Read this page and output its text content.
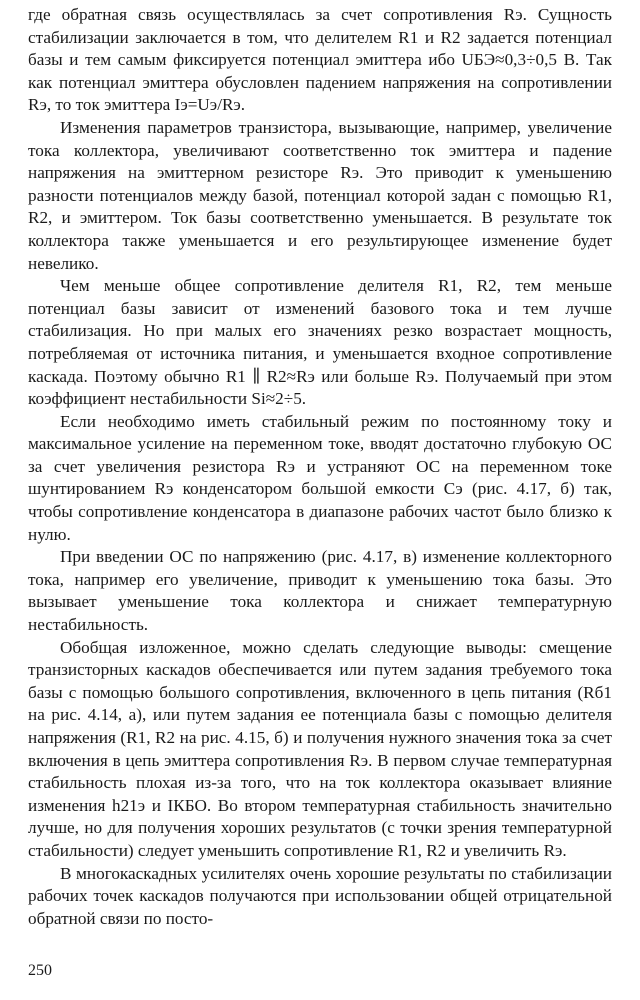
где обратная связь осуществлялась за счет сопротивления Rэ. Сущность стабилизации заключается в том, что делителем R1 и R2 задается потенциал базы и тем самым фиксируется потенциал эмиттера ибо UБЭ≈0,3÷0,5 В. Так как потенциал эмиттера обусловлен падением напряжения на сопротивлении Rэ, то ток эмиттера Iэ=Uэ/Rэ.

Изменения параметров транзистора, вызывающие, например, увеличение тока коллектора, увеличивают соответственно ток эмиттера и падение напряжения на эмиттерном резисторе Rэ. Это приводит к уменьшению разности потенциалов между базой, потенциал которой задан с помощью R1, R2, и эмиттером. Ток базы соответственно уменьшается. В результате ток коллектора также уменьшается и его результирующее изменение будет невелико.

Чем меньше общее сопротивление делителя R1, R2, тем меньше потенциал базы зависит от изменений базового тока и тем лучше стабилизация. Но при малых его значениях резко возрастает мощность, потребляемая от источника питания, и уменьшается входное сопротивление каскада. Поэтому обычно R1 ∥ R2≈Rэ или больше Rэ. Получаемый при этом коэффициент нестабильности Si≈2÷5.

Если необходимо иметь стабильный режим по постоянному току и максимальное усиление на переменном токе, вводят достаточно глубокую ОС за счет увеличения резистора Rэ и устраняют ОС на переменном токе шунтированием Rэ конденсатором большой емкости Сэ (рис. 4.17, б) так, чтобы сопротивление конденсатора в диапазоне рабочих частот было близко к нулю.

При введении ОС по напряжению (рис. 4.17, в) изменение коллекторного тока, например его увеличение, приводит к уменьшению тока базы. Это вызывает уменьшение тока коллектора и снижает температурную нестабильность.

Обобщая изложенное, можно сделать следующие выводы: смещение транзисторных каскадов обеспечивается или путем задания требуемого тока базы с помощью большого сопротивления, включенного в цепь питания (Rб1 на рис. 4.14, а), или путем задания ее потенциала базы с помощью делителя напряжения (R1, R2 на рис. 4.15, б) и получения нужного значения тока за счет включения в цепь эмиттера сопротивления Rэ. В первом случае температурная стабильность плохая из-за того, что на ток коллектора оказывает влияние изменения h21э и IКБО. Во втором температурная стабильность значительно лучше, но для получения хороших результатов (с точки зрения температурной стабильности) следует уменьшить сопротивление R1, R2 и увеличить Rэ.

В многокаскадных усилителях очень хорошие результаты по стабилизации рабочих точек каскадов получаются при использовании общей отрицательной обратной связи по посто-

250
